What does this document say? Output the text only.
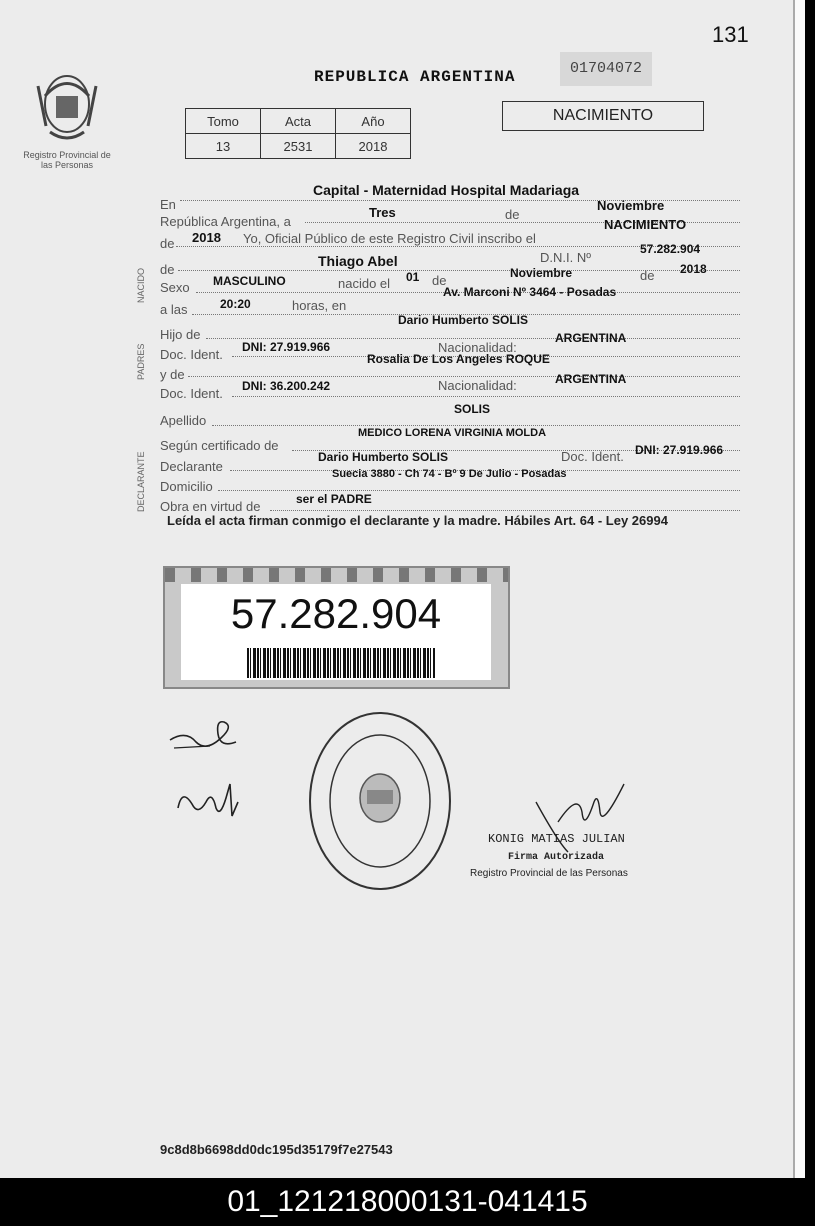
131
Registro Provincial de las Personas
REPUBLICA ARGENTINA	01704072
Tomo	Acta	Año
13	2531	2018
NACIMIENTO
NACIDO
PADRES
DECLARANTE
En
Capital - Maternidad Hospital Madariaga
República Argentina, a
Tres	de
Noviembre
de 2018 Yo, Oficial Público de este Registro Civil inscribo el
NACIMIENTO
de
Thiago Abel	D.N.I. Nº
57.282.904
Sexo MASCULINO	nacido el 01 de	Noviembre	de 2018
a las	20:20	horas, en
Av. Marconi Nº 3464 - Posadas
Hijo de
Dario Humberto SOLIS
Doc. Ident. DNI: 27.919.966	Nacionalidad:
ARGENTINA
y de
Rosalia De Los Angeles ROQUE
Doc. Ident. DNI: 36.200.242	Nacionalidad:	ARGENTINA
Apellido
SOLIS
Según certificado de
MEDICO LORENA VIRGINIA MOLDA
Declarante
Dario Humberto SOLIS	Doc. Ident. DNI: 27.919.966
Domicilio
Suecia 3880 - Ch 74 - Bº 9 De Julio - Posadas
Obra en virtud de	ser el PADRE
Leída el acta firman conmigo el declarante y la madre. Hábiles Art. 64 - Ley 26994
57.282.904
KONIG MATIAS JULIAN
Firma Autorizada
Registro Provincial de las Personas
9c8d8b6698dd0dc195d35179f7e27543
01_121218000131-041415
